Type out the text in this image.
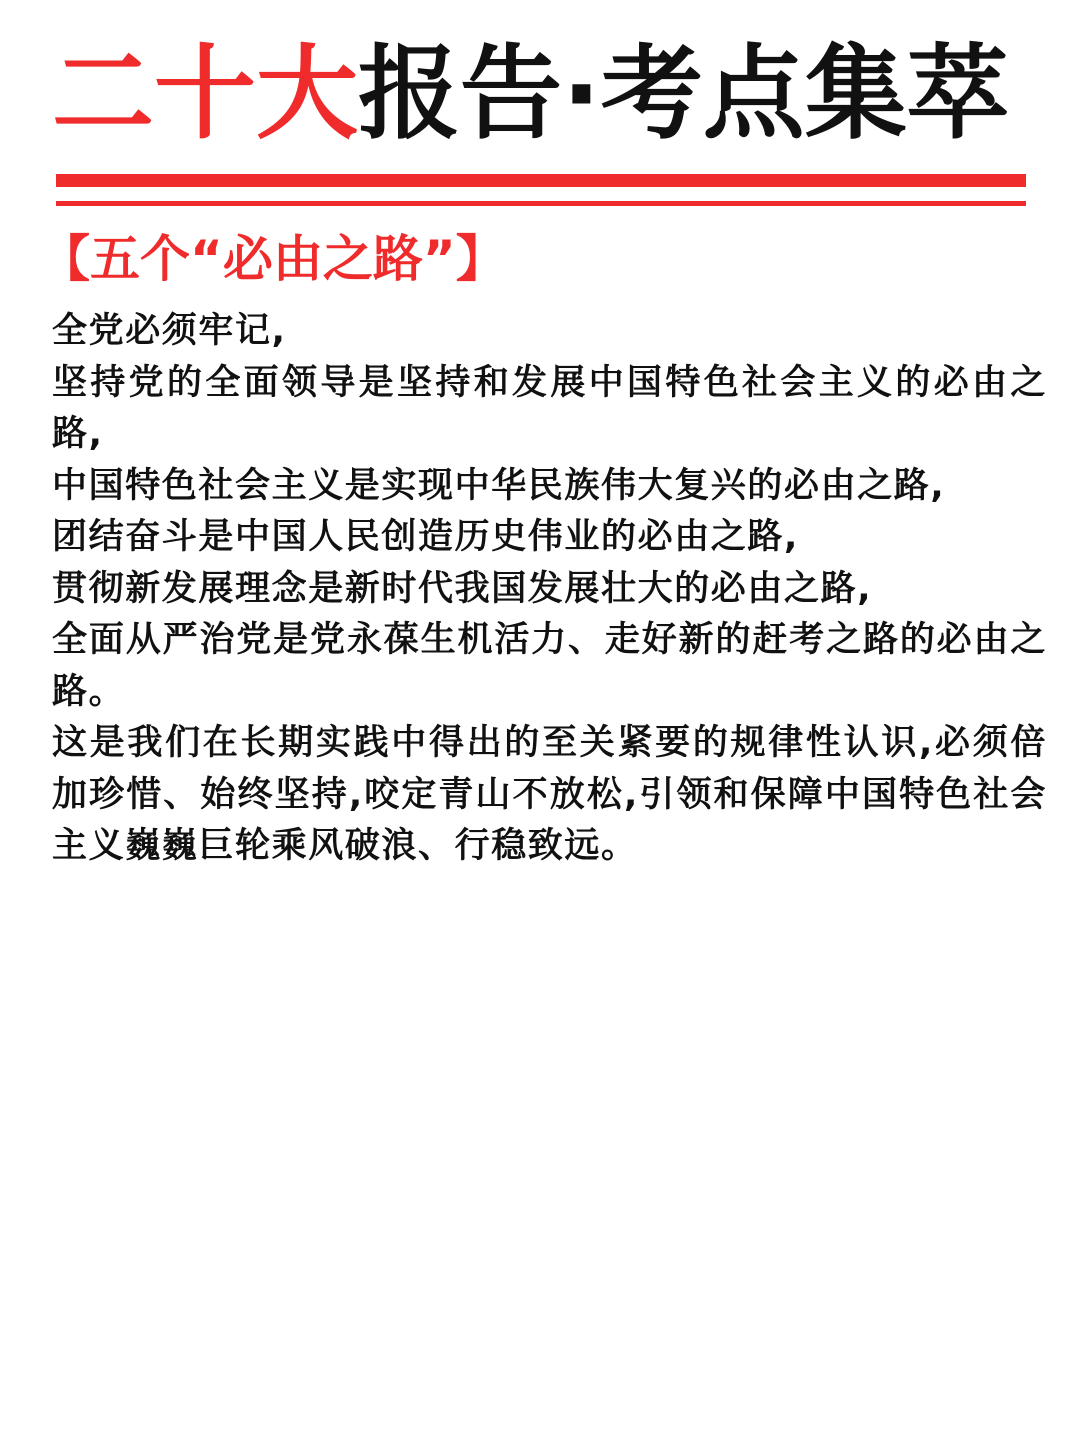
二十大报告·考点集萃
【五个“必由之路”】
全党必须牢记,
坚持党的全面领导是坚持和发展中国特色社会主义的必由之路,
中国特色社会主义是实现中华民族伟大复兴的必由之路,
团结奋斗是中国人民创造历史伟业的必由之路,
贯彻新发展理念是新时代我国发展壮大的必由之路,
全面从严治党是党永葆生机活力、走好新的赶考之路的必由之路。
这是我们在长期实践中得出的至关紧要的规律性认识,必须倍加珍惜、始终坚持,咬定青山不放松,引领和保障中国特色社会主义巍巍巨轮乘风破浪、行稳致远。
